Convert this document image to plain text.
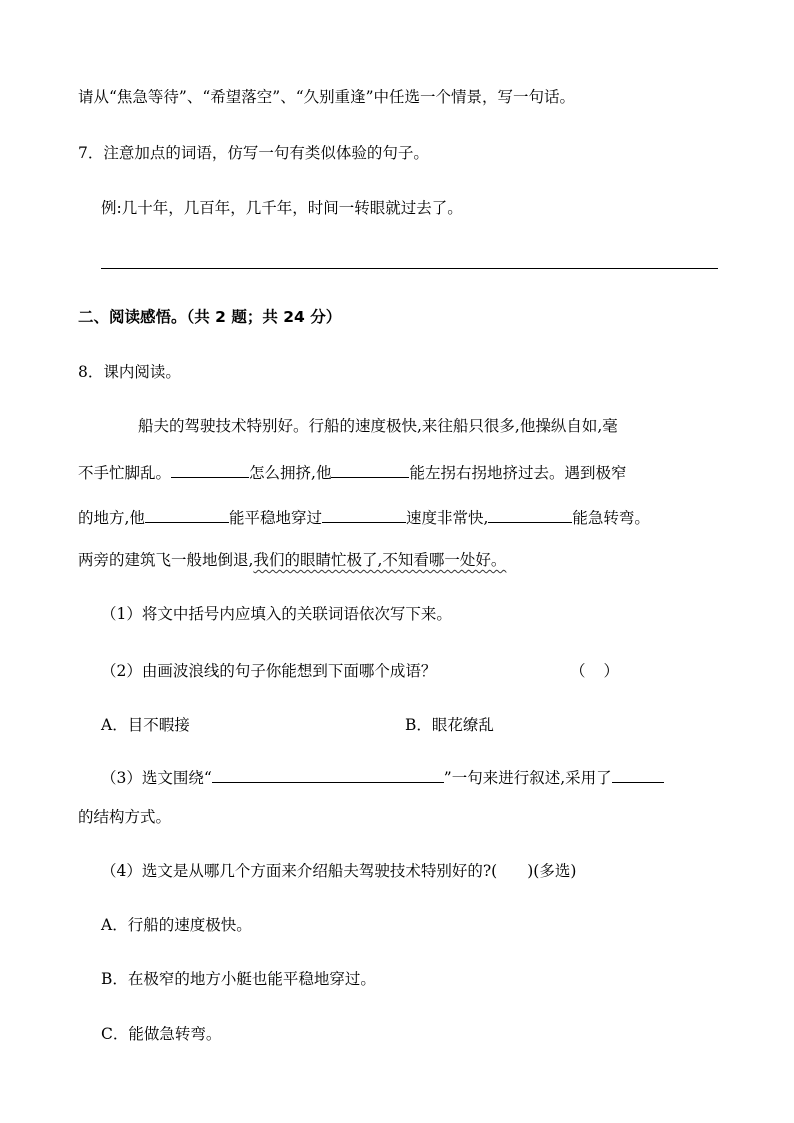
请从“焦急等待”、“希望落空”、“久别重逢”中任选一个情景，写一句话。
7．注意加点的词语，仿写一句有类似体验的句子。
例:几十年，几百年，几千年，时间一转眼就过去了。
二、阅读感悟。（共 2 题；共 24 分）
8．课内阅读。
船夫的驾驶技术特别好。行船的速度极快,来往船只很多,他操纵自如,毫
不手忙脚乱。	怎么拥挤,他	能左拐右拐地挤过去。遇到极窄
的地方,他	能平稳地穿过	速度非常快,	能急转弯。
两旁的建筑飞一般地倒退,我们的眼睛忙极了,不知看哪一处好。
（1）将文中括号内应填入的关联词语依次写下来。
（2）由画波浪线的句子你能想到下面哪个成语？	（ ）
A．目不暇接	B．眼花缭乱
（3）选文围绕“	”一句来进行叙述,采用了
的结构方式。
（4）选文是从哪几个方面来介绍船夫驾驶技术特别好的?( )(多选)
A．行船的速度极快。
B．在极窄的地方小艇也能平稳地穿过。
C．能做急转弯。
